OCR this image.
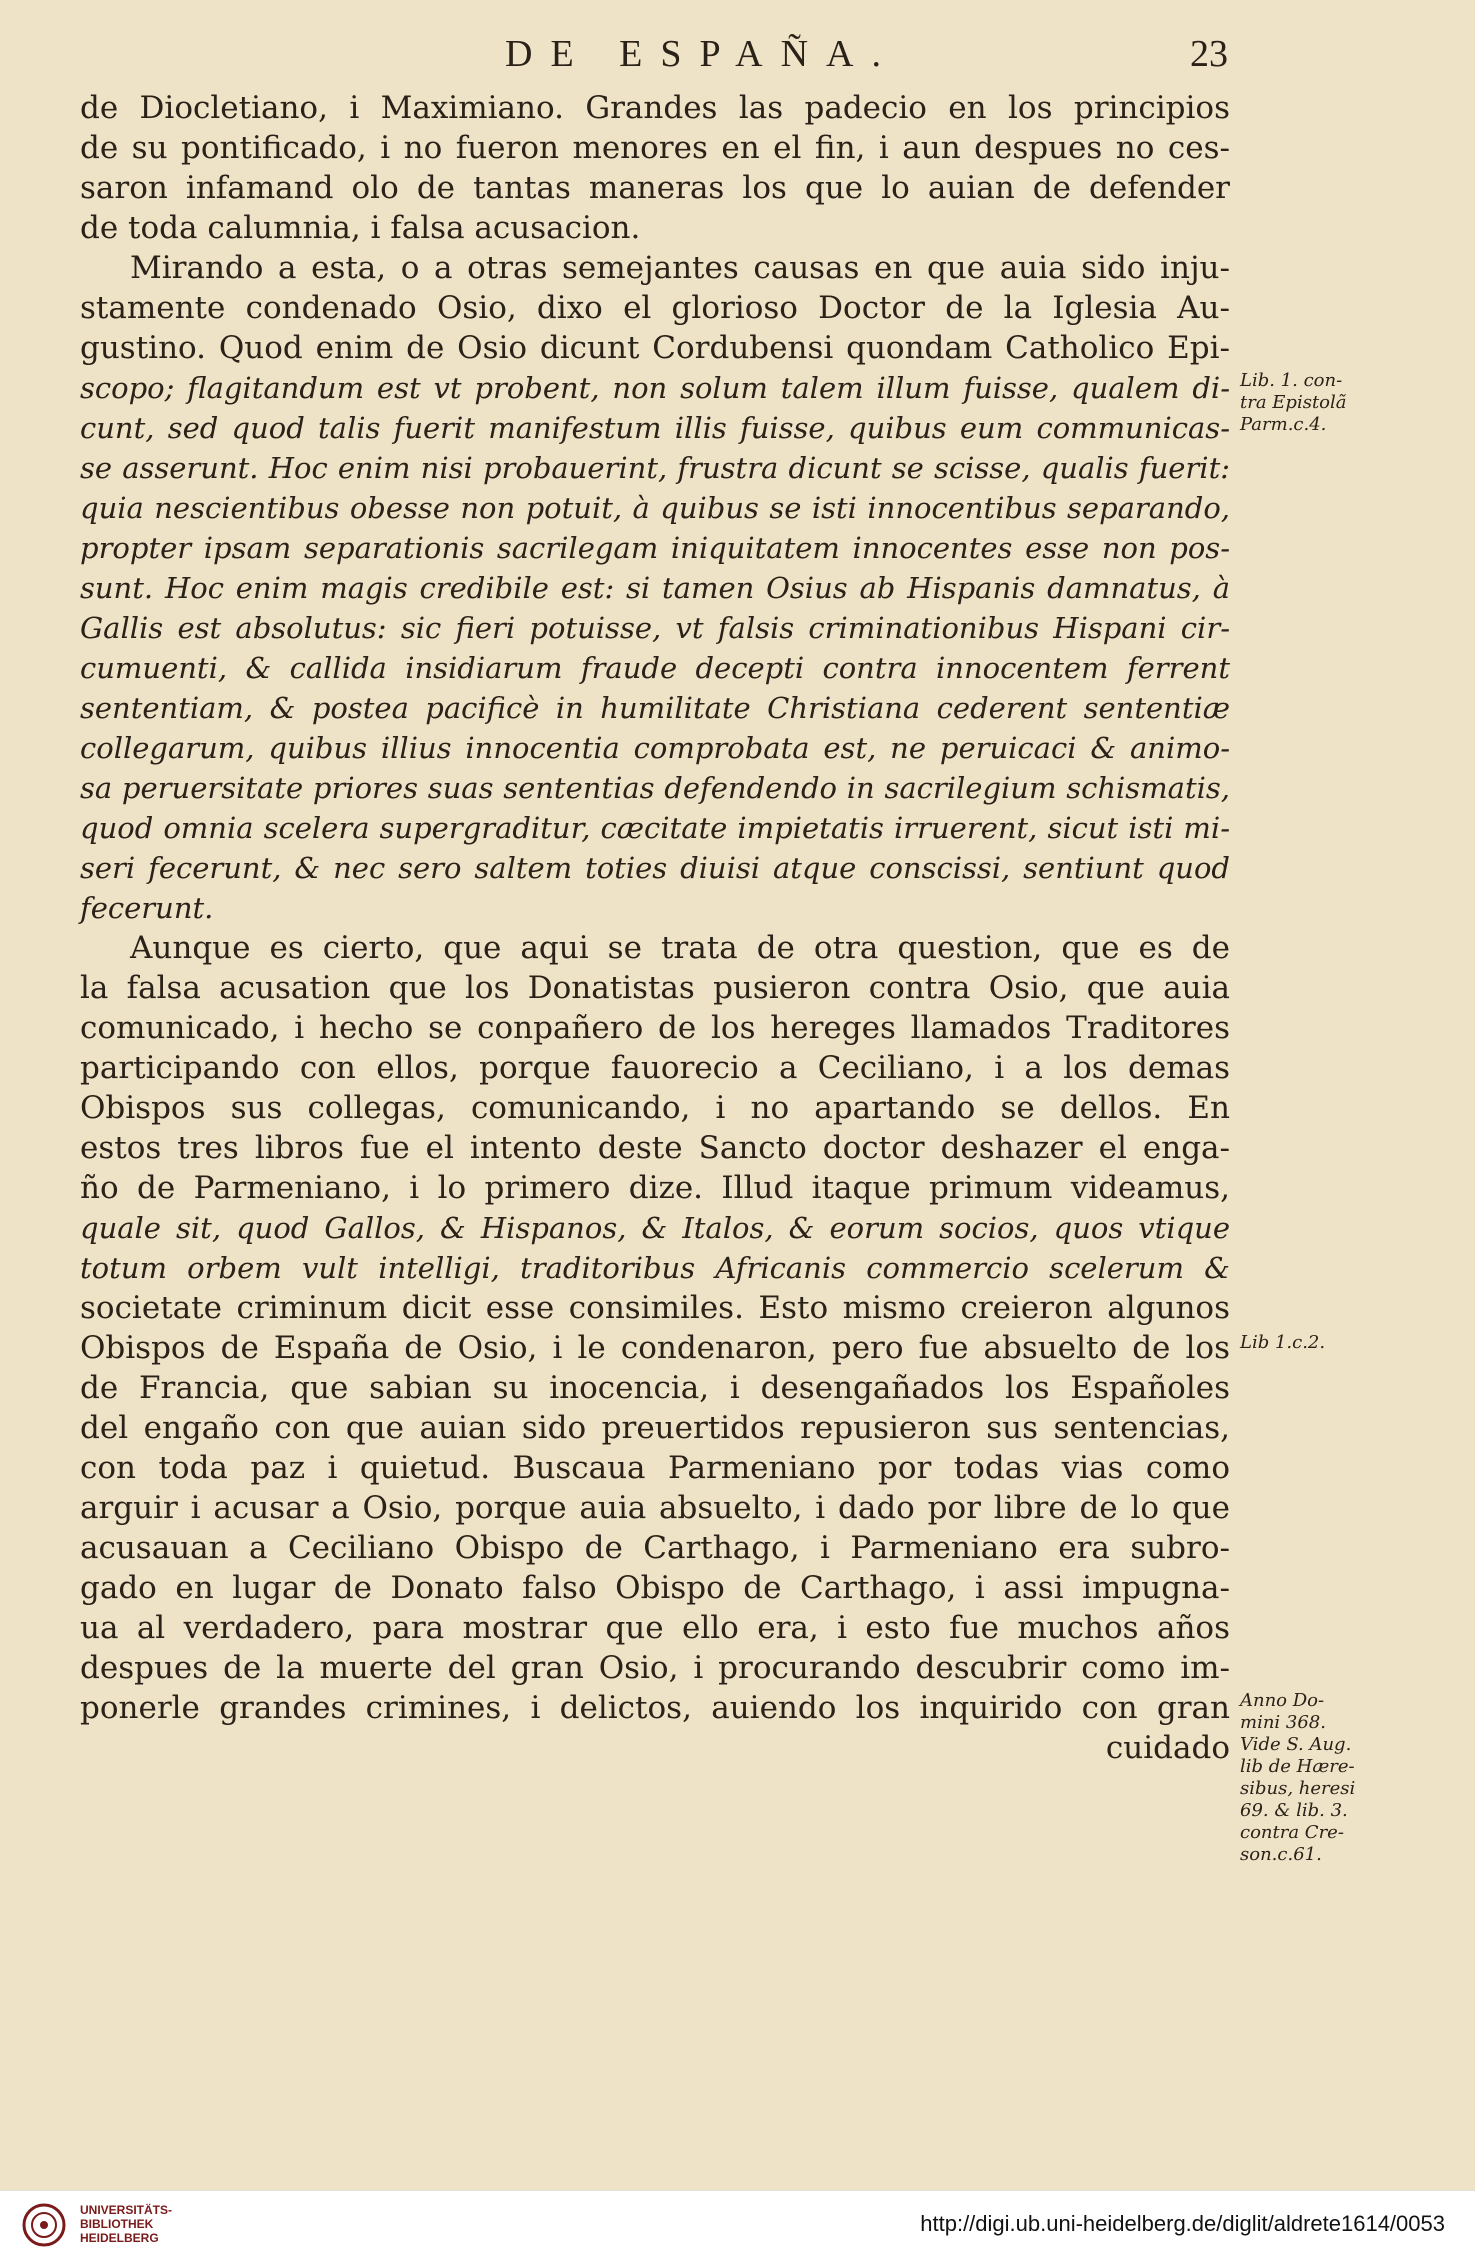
DE ESPAÑA.	23
de Diocletiano, i Maximiano. Grandes las padecio en los principios
de su pontificado, i no fueron menores en el fin, i aun despues no ces-
saron infamand olo de tantas maneras los que lo auian de defender
de toda calumnia, i falsa acusacion.
Mirando a esta, o a otras semejantes causas en que auia sido inju-
stamente condenado Osio, dixo el glorioso Doctor de la Iglesia Au-
gustino. Quod enim de Osio dicunt Cordubensi quondam Catholico Epi-
scopo; flagitandum est vt probent, non solum talem illum fuisse, qualem di-
cunt, sed quod talis fuerit manifestum illis fuisse, quibus eum communicas-
se asserunt. Hoc enim nisi probauerint, frustra dicunt se scisse, qualis fuerit:
quia nescientibus obesse non potuit, à quibus se isti innocentibus separando,
propter ipsam separationis sacrilegam iniquitatem innocentes esse non pos-
sunt. Hoc enim magis credibile est: si tamen Osius ab Hispanis damnatus, à
Gallis est absolutus: sic fieri potuisse, vt falsis criminationibus Hispani cir-
cumuenti, & callida insidiarum fraude decepti contra innocentem ferrent
sententiam, & postea pacificè in humilitate Christiana cederent sententiæ
collegarum, quibus illius innocentia comprobata est, ne peruicaci & animo-
sa peruersitate priores suas sententias defendendo in sacrilegium schismatis,
quod omnia scelera supergraditur, cæcitate impietatis irruerent, sicut isti mi-
seri fecerunt, & nec sero saltem toties diuisi atque conscissi, sentiunt quod
fecerunt.
Aunque es cierto, que aqui se trata de otra question, que es de
la falsa acusation que los Donatistas pusieron contra Osio, que auia
comunicado, i hecho se conpañero de los hereges llamados Traditores
participando con ellos, porque fauorecio a Ceciliano, i a los demas
Obispos sus collegas, comunicando, i no apartando se dellos. En
estos tres libros fue el intento deste Sancto doctor deshazer el enga-
ño de Parmeniano, i lo primero dize. Illud itaque primum videamus,
quale sit, quod Gallos, & Hispanos, & Italos, & eorum socios, quos vtique
totum orbem vult intelligi, traditoribus Africanis commercio scelerum &
societate criminum dicit esse consimiles. Esto mismo creieron algunos
Obispos de España de Osio, i le condenaron, pero fue absuelto de los
de Francia, que sabian su inocencia, i desengañados los Españoles
del engaño con que auian sido preuertidos repusieron sus sentencias,
con toda paz i quietud. Buscaua Parmeniano por todas vias como
arguir i acusar a Osio, porque auia absuelto, i dado por libre de lo que
acusauan a Ceciliano Obispo de Carthago, i Parmeniano era subro-
gado en lugar de Donato falso Obispo de Carthago, i assi impugna-
ua al verdadero, para mostrar que ello era, i esto fue muchos años
despues de la muerte del gran Osio, i procurando descubrir como im-
ponerle grandes crimines, i delictos, auiendo los inquirido con gran
cuidado
Lib. 1. con-
tra Epistolã
Parm.c.4.
Lib 1.c.2.
Anno Do-
mini 368.
Vide S. Aug.
lib de Hære-
sibus, heresi
69. & lib. 3.
contra Cre-
son.c.61.
UNIVERSITÄTS-
BIBLIOTHEK
HEIDELBERG
http://digi.ub.uni-heidelberg.de/diglit/aldrete1614/0053
